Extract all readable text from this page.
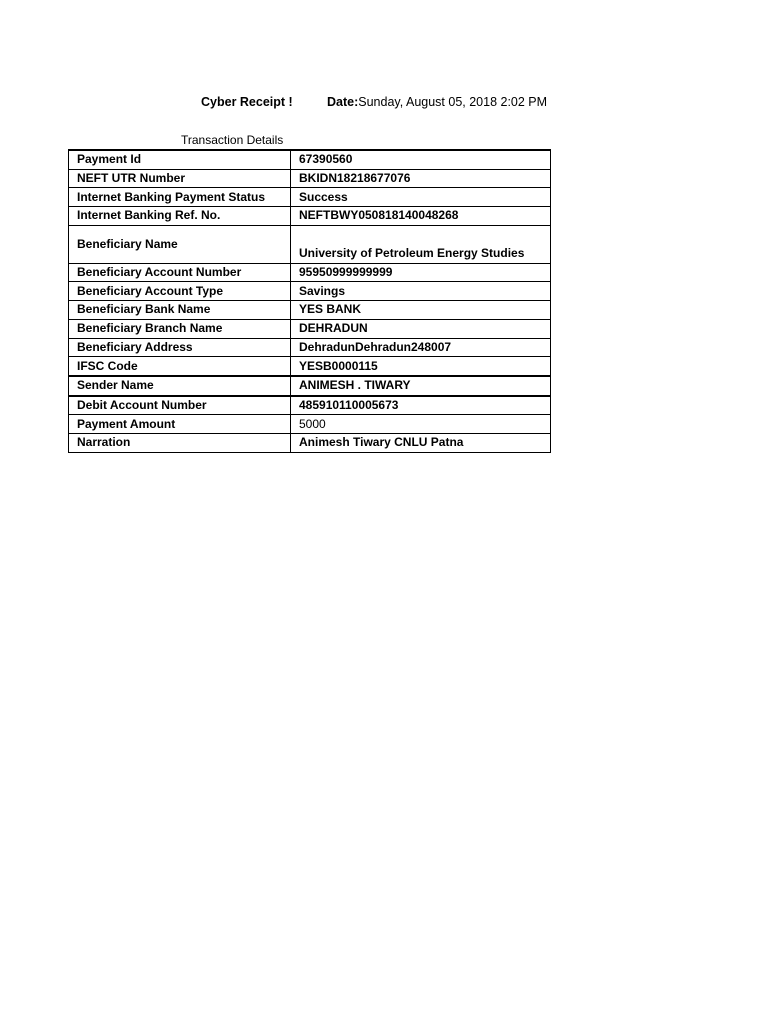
Cyber Receipt !	Date:Sunday, August 05, 2018 2:02 PM
Transaction Details
Payment Id	67390560
NEFT UTR Number	BKIDN18218677076
Internet Banking Payment Status	Success
Internet Banking Ref. No.	NEFTBWY050818140048268
Beneficiary Name	University of Petroleum Energy Studies
Beneficiary Account Number	95950999999999
Beneficiary Account Type	Savings
Beneficiary Bank Name	YES BANK
Beneficiary Branch Name	DEHRADUN
Beneficiary Address	DehradunDehradun248007
IFSC Code	YESB0000115
Sender Name	ANIMESH . TIWARY
Debit Account Number	485910110005673
Payment Amount	5000
Narration	Animesh Tiwary CNLU Patna
